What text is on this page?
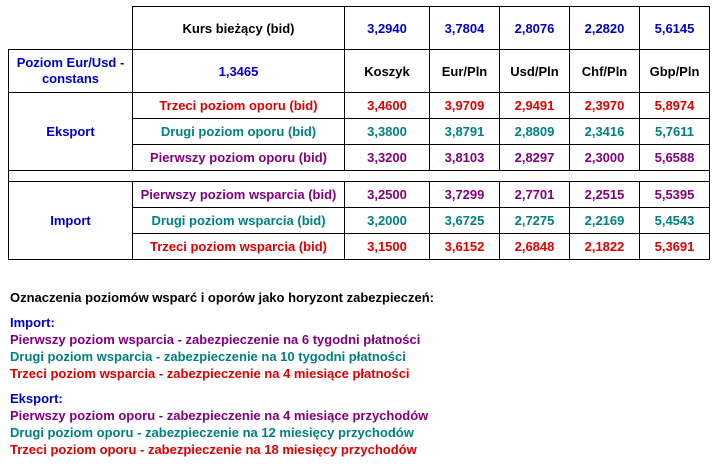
	Kurs bieżący (bid)	3,2940	3,7804	2,8076	2,2820	5,6145
Poziom Eur/Usd - constans	1,3465	Koszyk	Eur/Pln	Usd/Pln	Chf/Pln	Gbp/Pln
Eksport	Trzeci poziom oporu (bid)	3,4600	3,9709	2,9491	2,3970	5,8974
	Drugi poziom oporu (bid)	3,3800	3,8791	2,8809	2,3416	5,7611
	Pierwszy poziom oporu (bid)	3,3200	3,8103	2,8297	2,3000	5,6588

Import	Pierwszy poziom wsparcia (bid)	3,2500	3,7299	2,7701	2,2515	5,5395
	Drugi poziom wsparcia (bid)	3,2000	3,6725	2,7275	2,2169	5,4543
	Trzeci poziom wsparcia (bid)	3,1500	3,6152	2,6848	2,1822	5,3691
Oznaczenia poziomów wsparć i oporów jako horyzont zabezpieczeń:
Import:
Pierwszy poziom wsparcia - zabezpieczenie na 6 tygodni płatności
Drugi poziom wsparcia - zabezpieczenie na 10 tygodni płatności
Trzeci poziom wsparcia - zabezpieczenie na 4 miesiące płatności
Eksport:
Pierwszy poziom oporu - zabezpieczenie na 4 miesiące przychodów
Drugi poziom oporu - zabezpieczenie na 12 miesięcy przychodów
Trzeci poziom oporu - zabezpieczenie na 18 miesięcy przychodów
